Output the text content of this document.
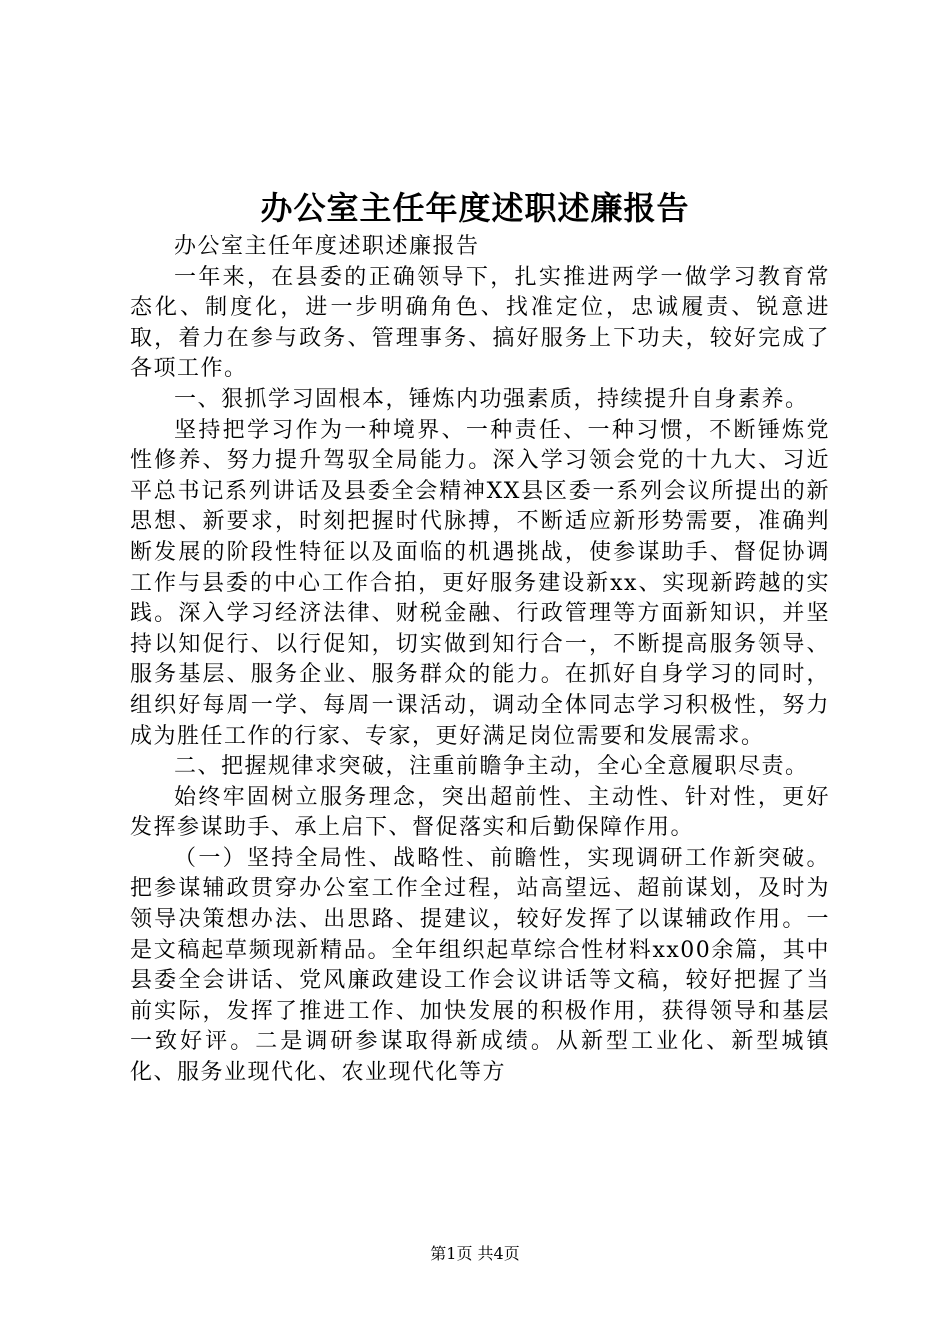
办公室主任年度述职述廉报告

办公室主任年度述职述廉报告

一年来，在县委的正确领导下，扎实推进两学一做学习教育常态化、制度化，进一步明确角色、找准定位，忠诚履责、锐意进取，着力在参与政务、管理事务、搞好服务上下功夫，较好完成了各项工作。

一、狠抓学习固根本，锤炼内功强素质，持续提升自身素养。

坚持把学习作为一种境界、一种责任、一种习惯，不断锤炼党性修养、努力提升驾驭全局能力。深入学习领会党的十九大、习近平总书记系列讲话及县委全会精神XX县区委一系列会议所提出的新思想、新要求，时刻把握时代脉搏，不断适应新形势需要，准确判断发展的阶段性特征以及面临的机遇挑战，使参谋助手、督促协调工作与县委的中心工作合拍，更好服务建设新xx、实现新跨越的实践。深入学习经济法律、财税金融、行政管理等方面新知识，并坚持以知促行、以行促知，切实做到知行合一，不断提高服务领导、服务基层、服务企业、服务群众的能力。在抓好自身学习的同时，组织好每周一学、每周一课活动，调动全体同志学习积极性，努力成为胜任工作的行家、专家，更好满足岗位需要和发展需求。

二、把握规律求突破，注重前瞻争主动，全心全意履职尽责。

始终牢固树立服务理念，突出超前性、主动性、针对性，更好发挥参谋助手、承上启下、督促落实和后勤保障作用。

（一）坚持全局性、战略性、前瞻性，实现调研工作新突破。把参谋辅政贯穿办公室工作全过程，站高望远、超前谋划，及时为领导决策想办法、出思路、提建议，较好发挥了以谋辅政作用。一是文稿起草频现新精品。全年组织起草综合性材料xx00余篇，其中县委全会讲话、党风廉政建设工作会议讲话等文稿，较好把握了当前实际，发挥了推进工作、加快发展的积极作用，获得领导和基层一致好评。二是调研参谋取得新成绩。从新型工业化、新型城镇化、服务业现代化、农业现代化等方

第1页 共4页
